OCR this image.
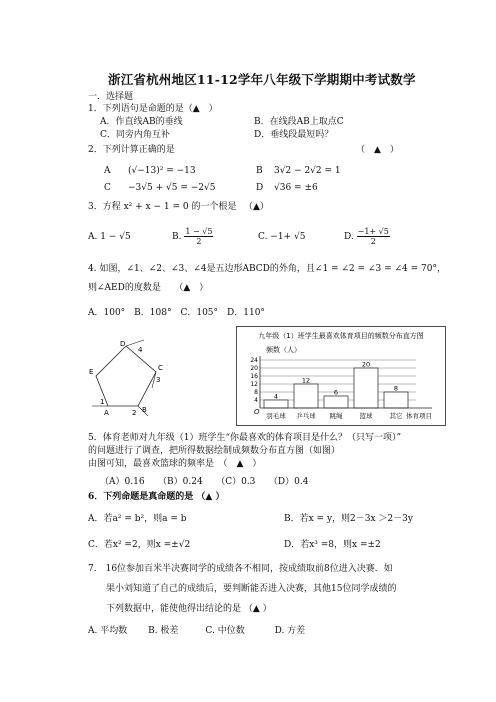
浙江省杭州地区11-12学年八年级下学期期中考试数学
一．选择题
1．下列语句是命题的是（▲　）
A．作直线AB的垂线	B．在线段AB上取点C
C．同旁内角互补	D．垂线段最短吗？
2．下列计算正确的是	（　▲　）
A (√−13)² = −13	B 3√2 − 2√2 = 1
C −3√5 + √5 = −2√5	D √36 = ±6
3．方程 x² + x − 1 = 0 的一个根是 （▲）
A. 1 − √5	B. $\frac{1 - √5}{2}$	C. −1+ √5	D. $\frac{-1+ √5}{2}$
4. 如图，∠1、∠2、∠3、∠4是五边形ABCD的外角，且∠1 = ∠2 = ∠3 = ∠4 = 70°，
则∠AED的度数是　　（▲　）
A．100°　B．108°　C．105°　D．110°
D
4
E	C
3
1
A	2 B
九年级（1）班学生最喜欢体育项目的频数分布直方图
频数（人）
4
12
6
20
8
4
8
12
16
20
24
羽毛球 乒乓球 跳绳	篮球	其它
O	体育项目
5．体育老师对九年级（1）班学生“你最喜欢的体育项目是什么？（只写一项）”
的问题进行了调查，把所得数据绘制成频数分布直方图（如图）
由图可知，最喜欢篮球的频率是　（　▲　）
（A）0.16　　（B）0.24　　（C）0.3　　（D）0.4
6．下列命题是真命题的是 （▲ ）
A．若a² = b²，则a = b	B．若x = y，则2－3x ＞2－3y
C．若x² =2，则x =±√2	D．若x³ =8，则x =±2
7.　16位参加百米半决赛同学的成绩各不相同，按成绩取前8位进入决赛．如
果小刘知道了自己的成绩后，要判断能否进入决赛，其他15位同学成绩的
下列数据中，能使他得出结论的是 （▲ ）
A. 平均数　　 B. 极差　　　C. 中位数　　　 D. 方差
